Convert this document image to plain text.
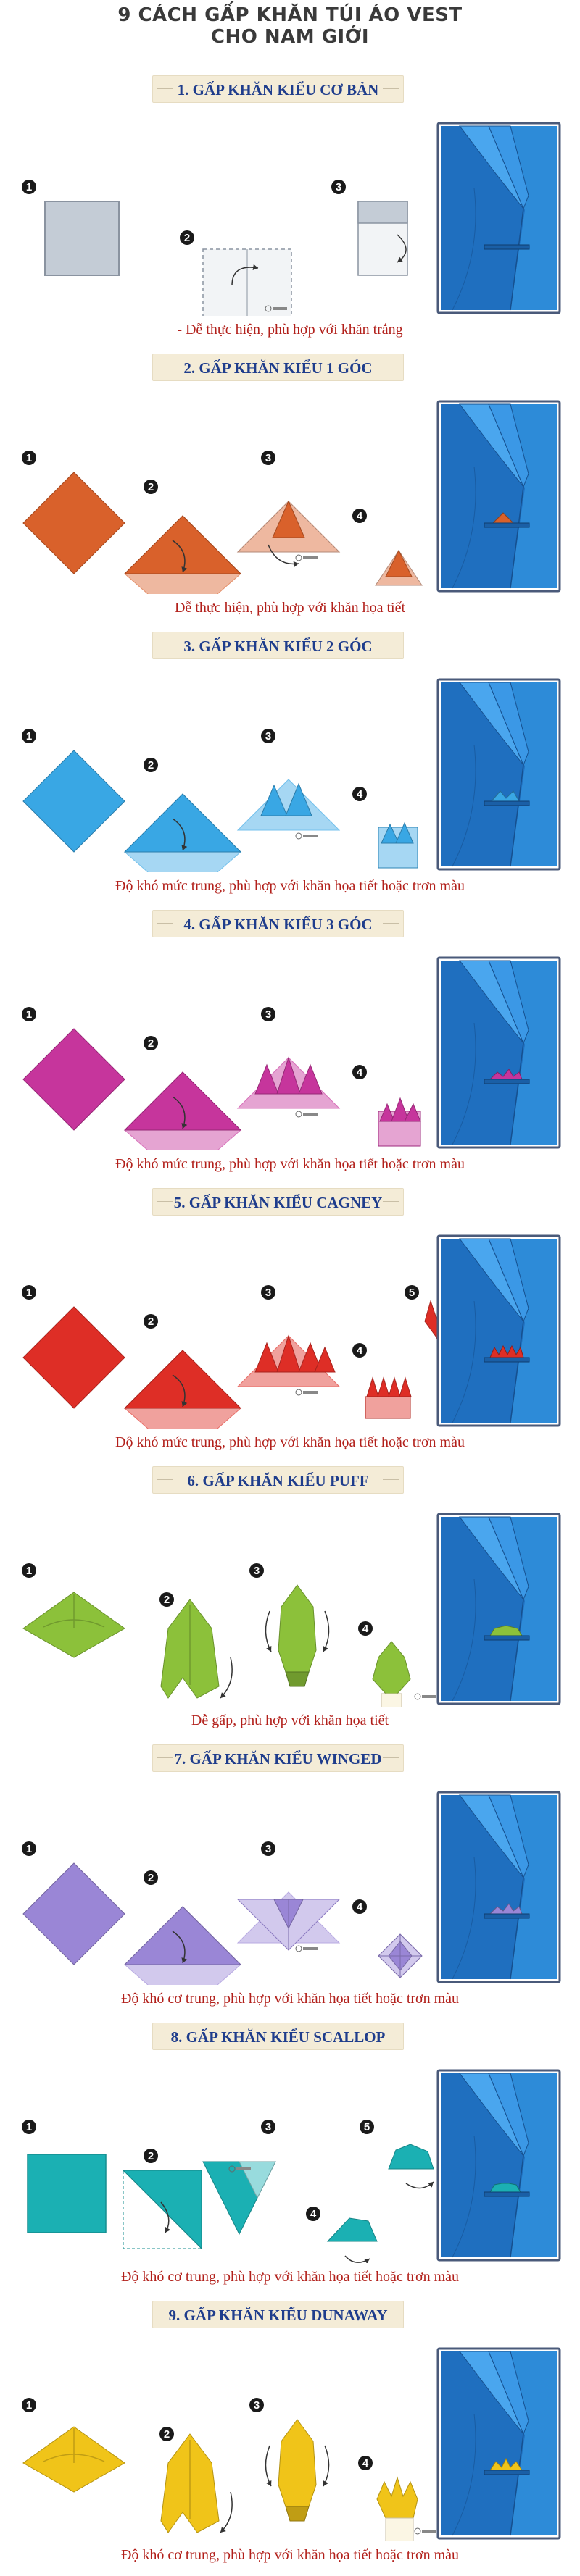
9 CÁCH GẤP KHĂN TÚI ÁO VEST
CHO NAM GIỚI
1. GẤP KHĂN KIỂU CƠ BẢN
1
2
3
- Dễ thực hiện, phù hợp với khăn trắng
2. GẤP KHĂN KIỂU 1 GÓC
1
2
3
4
Dễ thực hiện, phù hợp với khăn họa tiết
3. GẤP KHĂN KIỂU 2 GÓC
1
2
3
4
Độ khó mức trung, phù hợp với khăn họa tiết hoặc trơn màu
4. GẤP KHĂN KIỂU 3 GÓC
1
2
3
4
Độ khó mức trung, phù hợp với khăn họa tiết hoặc trơn màu
5. GẤP KHĂN KIỂU CAGNEY
1
2
3
4
5
Độ khó mức trung, phù hợp với khăn họa tiết hoặc trơn màu
6. GẤP KHĂN KIỂU PUFF
1
2
3
4
Dễ gấp, phù hợp với khăn họa tiết
7. GẤP KHĂN KIỂU WINGED
1
2
3
4
Độ khó cơ trung, phù hợp với khăn họa tiết hoặc trơn màu
8. GẤP KHĂN KIỂU SCALLOP
1
2
3
4
5
Độ khó cơ trung, phù hợp với khăn họa tiết hoặc trơn màu
9. GẤP KHĂN KIỂU DUNAWAY
1
2
3
4
Độ khó cơ trung, phù hợp với khăn họa tiết hoặc trơn màu
